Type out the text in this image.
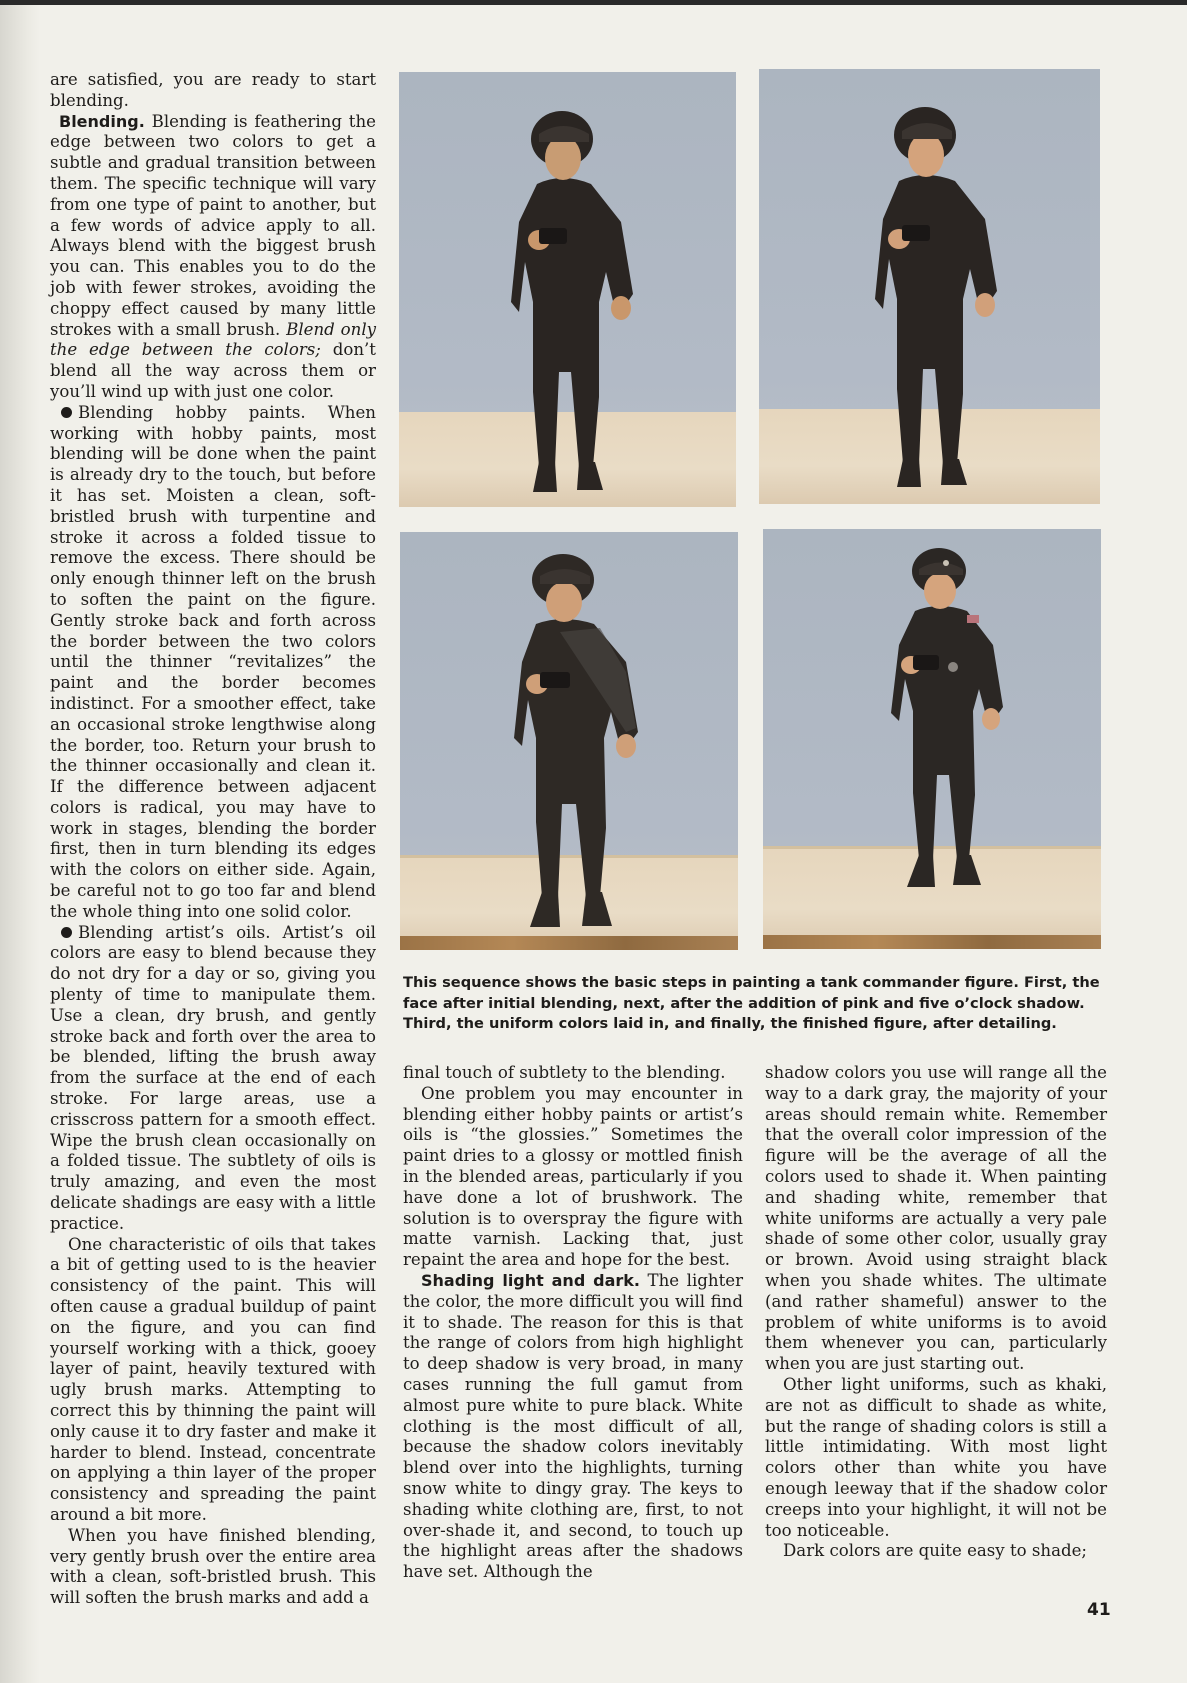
are satisfied, you are ready to start blending.

Blending. Blending is feathering the edge between two colors to get a subtle and gradual transition between them. The specific technique will vary from one type of paint to another, but a few words of advice apply to all. Always blend with the biggest brush you can. This enables you to do the job with fewer strokes, avoiding the choppy effect caused by many little strokes with a small brush. Blend only the edge between the colors; don’t blend all the way across them or you’ll wind up with just one color.

Blending hobby paints. When working with hobby paints, most blending will be done when the paint is already dry to the touch, but before it has set. Moisten a clean, soft-bristled brush with turpentine and stroke it across a folded tissue to remove the excess. There should be only enough thinner left on the brush to soften the paint on the figure. Gently stroke back and forth across the border between the two colors until the thinner “revitalizes” the paint and the border becomes indistinct. For a smoother effect, take an occasional stroke lengthwise along the border, too. Return your brush to the thinner occasionally and clean it. If the difference between adjacent colors is radical, you may have to work in stages, blending the border first, then in turn blending its edges with the colors on either side. Again, be careful not to go too far and blend the whole thing into one solid color.

Blending artist’s oils. Artist’s oil colors are easy to blend because they do not dry for a day or so, giving you plenty of time to manipulate them. Use a clean, dry brush, and gently stroke back and forth over the area to be blended, lifting the brush away from the surface at the end of each stroke. For large areas, use a crisscross pattern for a smooth effect. Wipe the brush clean occasionally on a folded tissue. The subtlety of oils is truly amazing, and even the most delicate shadings are easy with a little practice.

One characteristic of oils that takes a bit of getting used to is the heavier consistency of the paint. This will often cause a gradual buildup of paint on the figure, and you can find yourself working with a thick, gooey layer of paint, heavily textured with ugly brush marks. Attempting to correct this by thinning the paint will only cause it to dry faster and make it harder to blend. Instead, concentrate on applying a thin layer of the proper consistency and spreading the paint around a bit more.

When you have finished blending, very gently brush over the entire area with a clean, soft-bristled brush. This will soften the brush marks and add a

This sequence shows the basic steps in painting a tank commander figure. First, the face after initial blending, next, after the addition of pink and five o’clock shadow. Third, the uniform colors laid in, and finally, the finished figure, after detailing.

final touch of subtlety to the blending.

One problem you may encounter in blending either hobby paints or artist’s oils is “the glossies.” Sometimes the paint dries to a glossy or mottled finish in the blended areas, particularly if you have done a lot of brushwork. The solution is to overspray the figure with matte varnish. Lacking that, just repaint the area and hope for the best.

Shading light and dark. The lighter the color, the more difficult you will find it to shade. The reason for this is that the range of colors from high highlight to deep shadow is very broad, in many cases running the full gamut from almost pure white to pure black. White clothing is the most difficult of all, because the shadow colors inevitably blend over into the highlights, turning snow white to dingy gray. The keys to shading white clothing are, first, to not over-shade it, and second, to touch up the highlight areas after the shadows have set. Although the

shadow colors you use will range all the way to a dark gray, the majority of your areas should remain white. Remember that the overall color impression of the figure will be the average of all the colors used to shade it. When painting and shading white, remember that white uniforms are actually a very pale shade of some other color, usually gray or brown. Avoid using straight black when you shade whites. The ultimate (and rather shameful) answer to the problem of white uniforms is to avoid them whenever you can, particularly when you are just starting out.

Other light uniforms, such as khaki, are not as difficult to shade as white, but the range of shading colors is still a little intimidating. With most light colors other than white you have enough leeway that if the shadow color creeps into your highlight, it will not be too noticeable.

Dark colors are quite easy to shade;

41
